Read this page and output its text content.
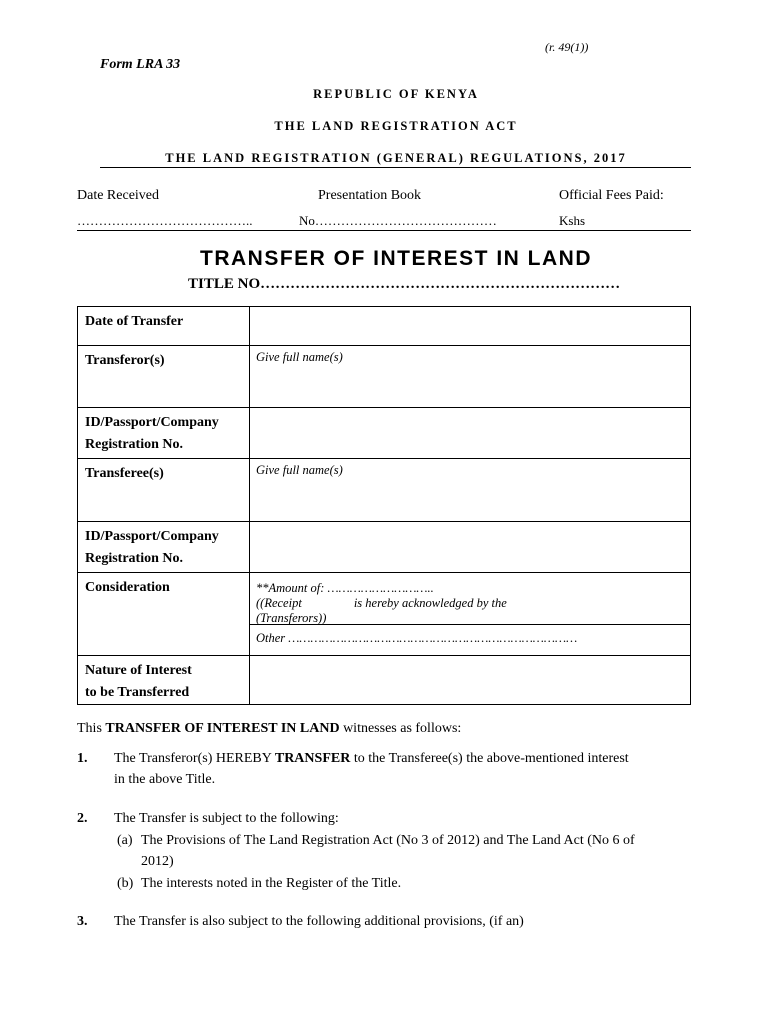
(r. 49(1))
Form LRA 33
REPUBLIC OF KENYA
THE LAND REGISTRATION ACT
THE LAND REGISTRATION (GENERAL) REGULATIONS, 2017
Date Received	Presentation Book	Official Fees Paid:
…………………………………..	No……………………………………	Kshs
TRANSFER OF INTEREST IN LAND
TITLE NO………………………………………………………………
Date of Transfer	
Transferor(s)	Give full name(s)

ID/Passport/Company
Registration No.	

Transferee(s)	Give full name(s)

ID/Passport/Company
Registration No.	

Consideration	**Amount of: ………………………..
((Receipt is hereby acknowledged by the
(Transferors))
Other ……………………………………………………………………

Nature of Interest
to be Transferred	

This TRANSFER OF INTEREST IN LAND witnesses as follows:
1. The Transferor(s) HEREBY TRANSFER to the Transferee(s) the above-mentioned interest
in the above Title.
2. The Transfer is subject to the following:
(a) The Provisions of The Land Registration Act (No 3 of 2012) and The Land Act (No 6 of
2012)
(b) The interests noted in the Register of the Title.
3. The Transfer is also subject to the following additional provisions, (if an)
